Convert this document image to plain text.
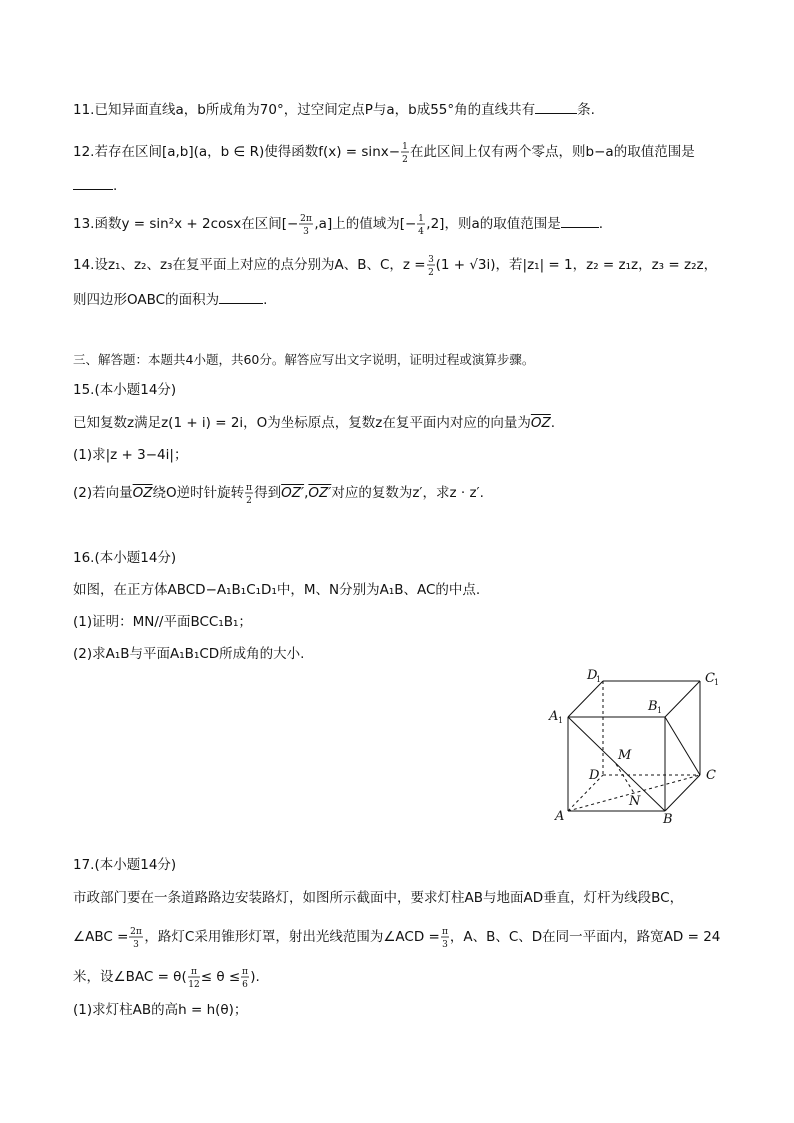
11.已知异面直线a，b所成角为70°，过空间定点P与a，b成55°角的直线共有	条.
12.若存在区间[a,b](a，b ∈ R)使得函数f(x) = sinx− 1
2 在此区间上仅有两个零点，则b−a的取值范围是
.
13.函数y = sin²x + 2cosx在区间[− 2π
3 ,a]上的值域为[− 1
4 ,2]，则a的取值范围是	.
14.设z₁、z₂、z₃在复平面上对应的点分别为A、B、C，z = 3
2 (1 + √3i)，若|z₁| = 1，z₂ = z₁z，z₃ = z₂z，
则四边形OABC的面积为	.
三、解答题：本题共4小题，共60分。解答应写出文字说明，证明过程或演算步骤。
15.(本小题14分)
已知复数z满足z(1 + i) = 2i，O为坐标原点，复数z在复平面内对应的向量为$\overline{OZ}$.
(1)求|z + 3−4i|；
(2)若向量$\overline{OZ}$绕O逆时针旋转 π
2 得到OZ′,OZ′对应的复数为z′，求z · z′.
16.(本小题14分)
如图，在正方体ABCD−A₁B₁C₁D₁中，M、N分别为A₁B、AC的中点.
(1)证明：MN//平面BCC₁B₁；
(2)求A₁B与平面A₁B₁CD所成角的大小.
D
1	C 1
B 1
A 1
M
D	C
N
A	B
17.(本小题14分)
市政部门要在一条道路路边安装路灯，如图所示截面中，要求灯柱AB与地面AD垂直，灯杆为线段BC，
∠ABC = 2π
3 ，路灯C采用锥形灯罩，射出光线范围为∠ACD = π
3 ，A、B、C、D在同一平面内，路宽AD = 24
米，设∠BAC = θ( π
12 ≤ θ ≤ π
6 ).
(1)求灯柱AB的高h = h(θ)；
